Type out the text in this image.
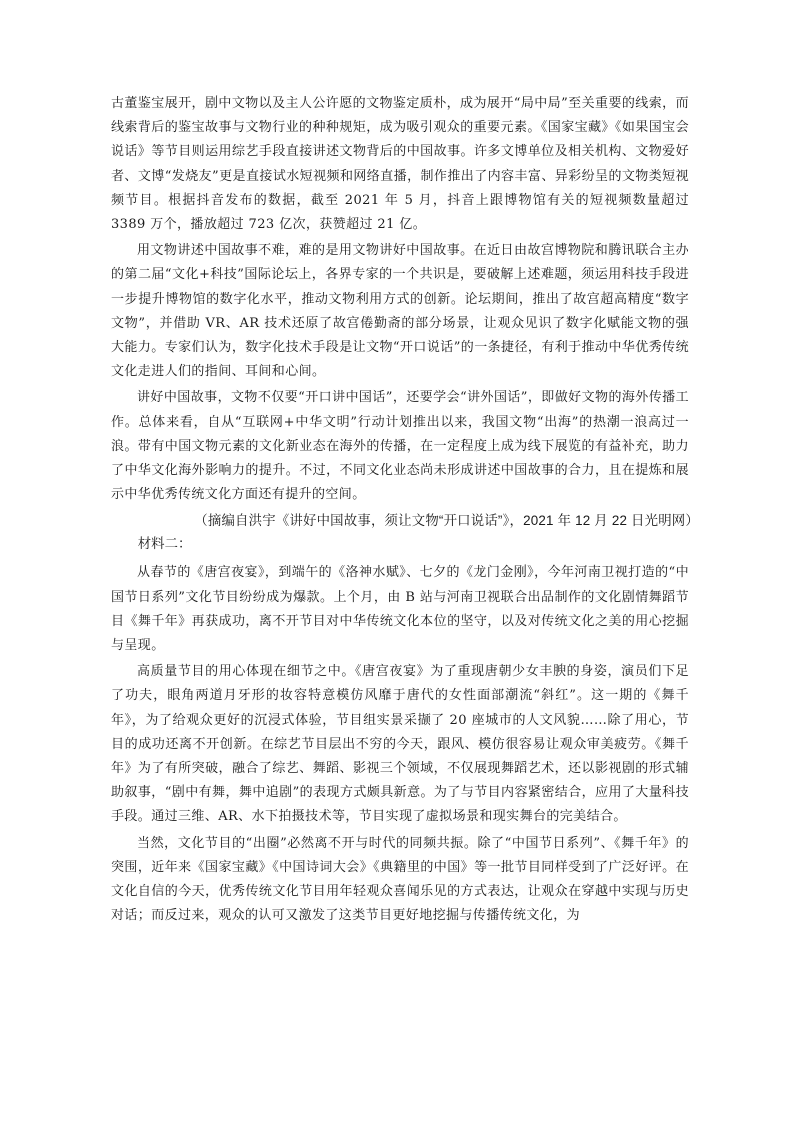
古董鉴宝展开，剧中文物以及主人公许愿的文物鉴定质朴，成为展开“局中局”至关重要的线索，而线索背后的鉴宝故事与文物行业的种种规矩，成为吸引观众的重要元素。《国家宝藏》《如果国宝会说话》等节目则运用综艺手段直接讲述文物背后的中国故事。许多文博单位及相关机构、文物爱好者、文博“发烧友”更是直接试水短视频和网络直播，制作推出了内容丰富、异彩纷呈的文物类短视频节目。根据抖音发布的数据，截至 2021 年 5 月，抖音上跟博物馆有关的短视频数量超过 3389 万个，播放超过 723 亿次，获赞超过 21 亿。

用文物讲述中国故事不难，难的是用文物讲好中国故事。在近日由故宫博物院和腾讯联合主办的第二届“文化+科技”国际论坛上，各界专家的一个共识是，要破解上述难题，须运用科技手段进一步提升博物馆的数字化水平，推动文物利用方式的创新。论坛期间，推出了故宫超高精度“数字文物”，并借助 VR、AR 技术还原了故宫倦勤斋的部分场景，让观众见识了数字化赋能文物的强大能力。专家们认为，数字化技术手段是让文物“开口说话”的一条捷径，有利于推动中华优秀传统文化走进人们的指间、耳间和心间。

讲好中国故事，文物不仅要“开口讲中国话”，还要学会“讲外国话”，即做好文物的海外传播工作。总体来看，自从“互联网+中华文明”行动计划推出以来，我国文物“出海”的热潮一浪高过一浪。带有中国文物元素的文化新业态在海外的传播，在一定程度上成为线下展览的有益补充，助力了中华文化海外影响力的提升。不过，不同文化业态尚未形成讲述中国故事的合力，且在提炼和展示中华优秀传统文化方面还有提升的空间。

（摘编自洪宇《讲好中国故事，须让文物“开口说话”》，2021 年 12 月 22 日光明网）

材料二：

从春节的《唐宫夜宴》，到端午的《洛神水赋》、七夕的《龙门金刚》，今年河南卫视打造的“中国节日系列”文化节目纷纷成为爆款。上个月，由 B 站与河南卫视联合出品制作的文化剧情舞蹈节目《舞千年》再获成功，离不开节目对中华传统文化本位的坚守，以及对传统文化之美的用心挖掘与呈现。

高质量节目的用心体现在细节之中。《唐宫夜宴》为了重现唐朝少女丰腴的身姿，演员们下足了功夫，眼角两道月牙形的妆容特意模仿风靡于唐代的女性面部潮流“斜红”。这一期的《舞千年》，为了给观众更好的沉浸式体验，节目组实景采撷了 20 座城市的人文风貌……除了用心，节目的成功还离不开创新。在综艺节目层出不穷的今天，跟风、模仿很容易让观众审美疲劳。《舞千年》为了有所突破，融合了综艺、舞蹈、影视三个领域，不仅展现舞蹈艺术，还以影视剧的形式辅助叙事，“剧中有舞，舞中追剧”的表现方式颇具新意。为了与节目内容紧密结合，应用了大量科技手段。通过三维、AR、水下拍摄技术等，节目实现了虚拟场景和现实舞台的完美结合。

当然，文化节目的“出圈”必然离不开与时代的同频共振。除了“中国节日系列”、《舞千年》的突围，近年来《国家宝藏》《中国诗词大会》《典籍里的中国》等一批节目同样受到了广泛好评。在文化自信的今天，优秀传统文化节目用年轻观众喜闻乐见的方式表达，让观众在穿越中实现与历史对话；而反过来，观众的认可又激发了这类节目更好地挖掘与传播传统文化，为
